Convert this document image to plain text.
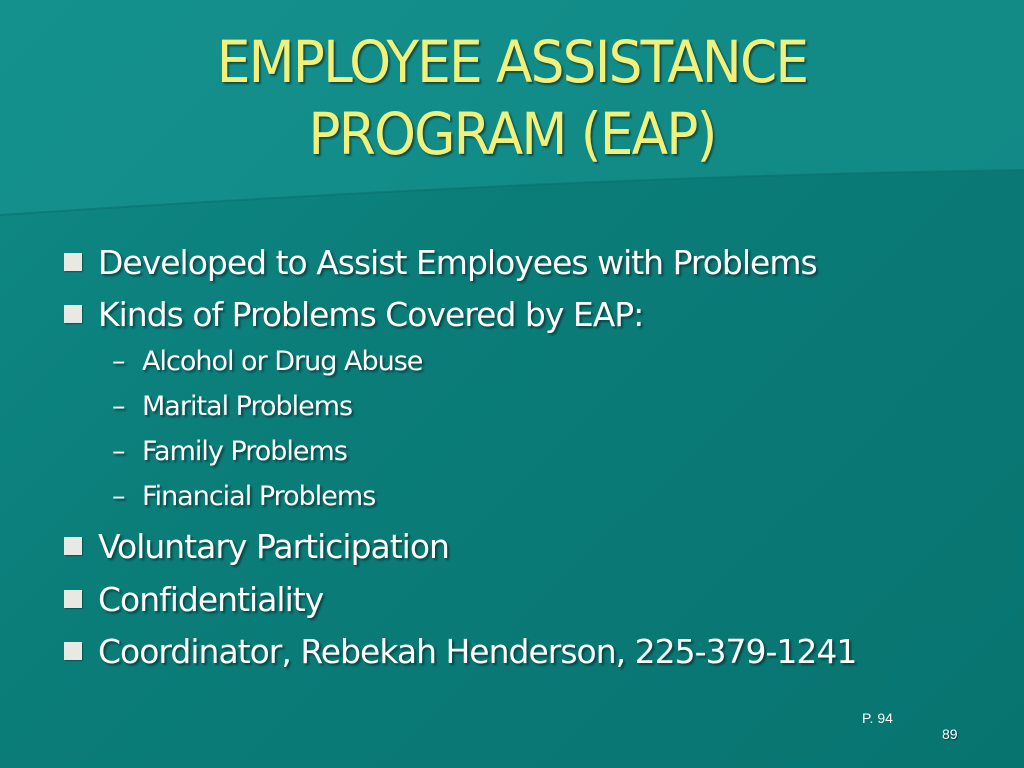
EMPLOYEE ASSISTANCE
PROGRAM (EAP)
Developed to Assist Employees with Problems
Kinds of Problems Covered by EAP:
– Alcohol or Drug Abuse
– Marital Problems
– Family Problems
– Financial Problems
Voluntary Participation
Confidentiality
Coordinator, Rebekah Henderson, 225-379-1241
P. 94
89
